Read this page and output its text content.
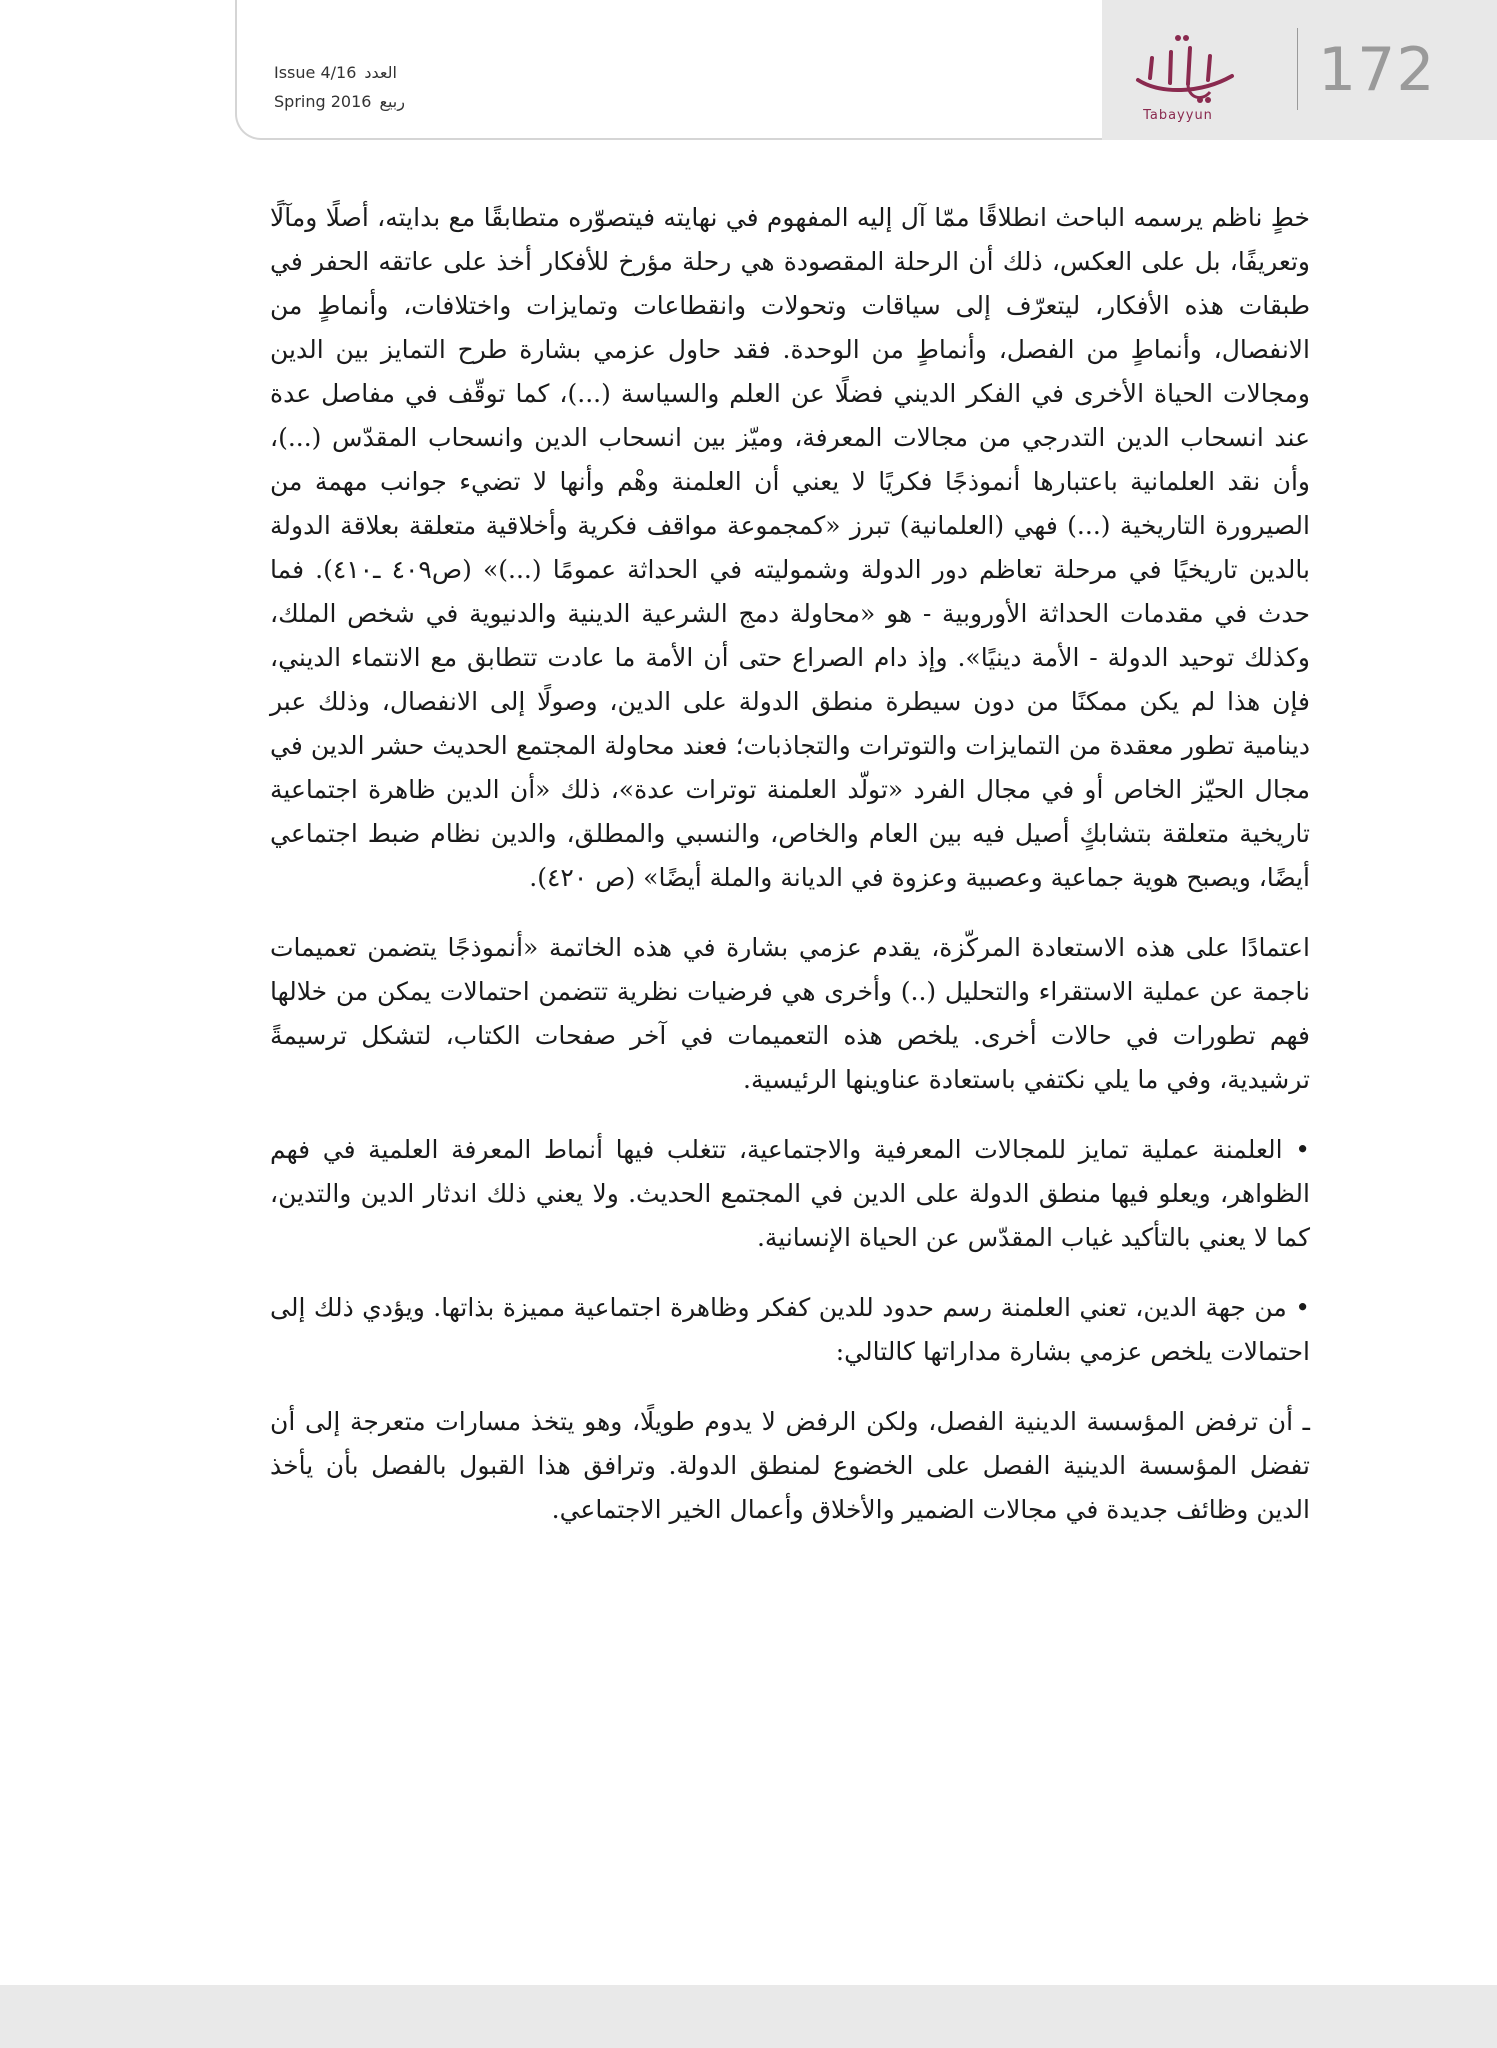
Issue 4/16 العدد
Spring 2016 ربيع
Tabayyun
172

خطٍ ناظم يرسمه الباحث انطلاقًا ممّا آل إليه المفهوم في نهايته فيتصوّره متطابقًا مع بدايته، أصلًا ومآلًا وتعريفًا، بل على العكس، ذلك أن الرحلة المقصودة هي رحلة مؤرخ للأفكار أخذ على عاتقه الحفر في طبقات هذه الأفكار، ليتعرّف إلى سياقات وتحولات وانقطاعات وتمايزات واختلافات، وأنماطٍ من الانفصال، وأنماطٍ من الفصل، وأنماطٍ من الوحدة. فقد حاول عزمي بشارة طرح التمايز بين الدين ومجالات الحياة الأخرى في الفكر الديني فضلًا عن العلم والسياسة (...)، كما توقّف في مفاصل عدة عند انسحاب الدين التدرجي من مجالات المعرفة، وميّز بين انسحاب الدين وانسحاب المقدّس (...)، وأن نقد العلمانية باعتبارها أنموذجًا فكريًا لا يعني أن العلمنة وهْم وأنها لا تضيء جوانب مهمة من الصيرورة التاريخية (...) فهي (العلمانية) تبرز «كمجموعة مواقف فكرية وأخلاقية متعلقة بعلاقة الدولة بالدين تاريخيًا في مرحلة تعاظم دور الدولة وشموليته في الحداثة عمومًا (...)» (ص٤٠٩ ـ٤١٠). فما حدث في مقدمات الحداثة الأوروبية - هو «محاولة دمج الشرعية الدينية والدنيوية في شخص الملك، وكذلك توحيد الدولة - الأمة دينيًا». وإذ دام الصراع حتى أن الأمة ما عادت تتطابق مع الانتماء الديني، فإن هذا لم يكن ممكنًا من دون سيطرة منطق الدولة على الدين، وصولًا إلى الانفصال، وذلك عبر دينامية تطور معقدة من التمايزات والتوترات والتجاذبات؛ فعند محاولة المجتمع الحديث حشر الدين في مجال الحيّز الخاص أو في مجال الفرد «تولّد العلمنة توترات عدة»، ذلك «أن الدين ظاهرة اجتماعية تاريخية متعلقة بتشابكٍ أصيل فيه بين العام والخاص، والنسبي والمطلق، والدين نظام ضبط اجتماعي أيضًا، ويصبح هوية جماعية وعصبية وعزوة في الديانة والملة أيضًا» (ص ٤٢٠).

اعتمادًا على هذه الاستعادة المركّزة، يقدم عزمي بشارة في هذه الخاتمة «أنموذجًا يتضمن تعميمات ناجمة عن عملية الاستقراء والتحليل (..) وأخرى هي فرضيات نظرية تتضمن احتمالات يمكن من خلالها فهم تطورات في حالات أخرى. يلخص هذه التعميمات في آخر صفحات الكتاب، لتشكل ترسيمةً ترشيدية، وفي ما يلي نكتفي باستعادة عناوينها الرئيسية.

• العلمنة عملية تمايز للمجالات المعرفية والاجتماعية، تتغلب فيها أنماط المعرفة العلمية في فهم الظواهر، ويعلو فيها منطق الدولة على الدين في المجتمع الحديث. ولا يعني ذلك اندثار الدين والتدين، كما لا يعني بالتأكيد غياب المقدّس عن الحياة الإنسانية.

• من جهة الدين، تعني العلمنة رسم حدود للدين كفكر وظاهرة اجتماعية مميزة بذاتها. ويؤدي ذلك إلى احتمالات يلخص عزمي بشارة مداراتها كالتالي:

ـ أن ترفض المؤسسة الدينية الفصل، ولكن الرفض لا يدوم طويلًا، وهو يتخذ مسارات متعرجة إلى أن تفضل المؤسسة الدينية الفصل على الخضوع لمنطق الدولة. وترافق هذا القبول بالفصل بأن يأخذ الدين وظائف جديدة في مجالات الضمير والأخلاق وأعمال الخير الاجتماعي.
